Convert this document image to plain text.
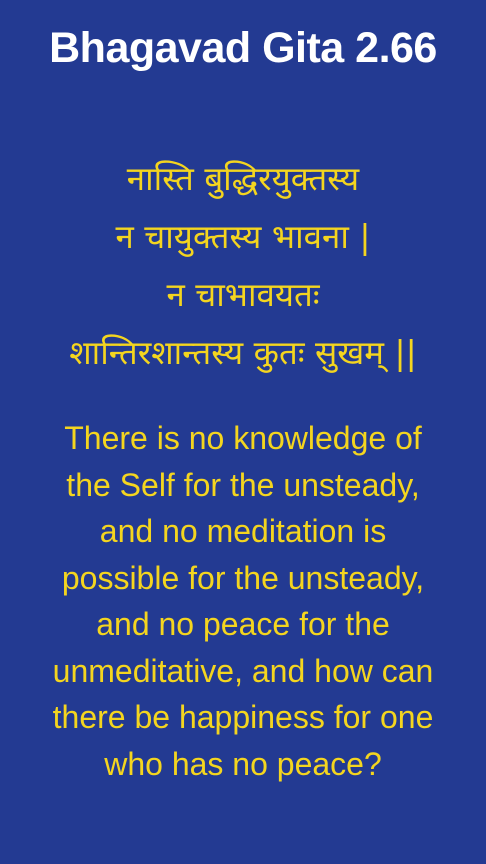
Bhagavad Gita 2.66
नास्ति बुद्धिरयुक्तस्य
न चायुक्तस्य भावना |
न चाभावयतः
शान्तिरशान्तस्य कुतः सुखम् ||
There is no knowledge of
the Self for the unsteady,
and no meditation is
possible for the unsteady,
and no peace for the
unmeditative, and how can
there be happiness for one
who has no peace?
